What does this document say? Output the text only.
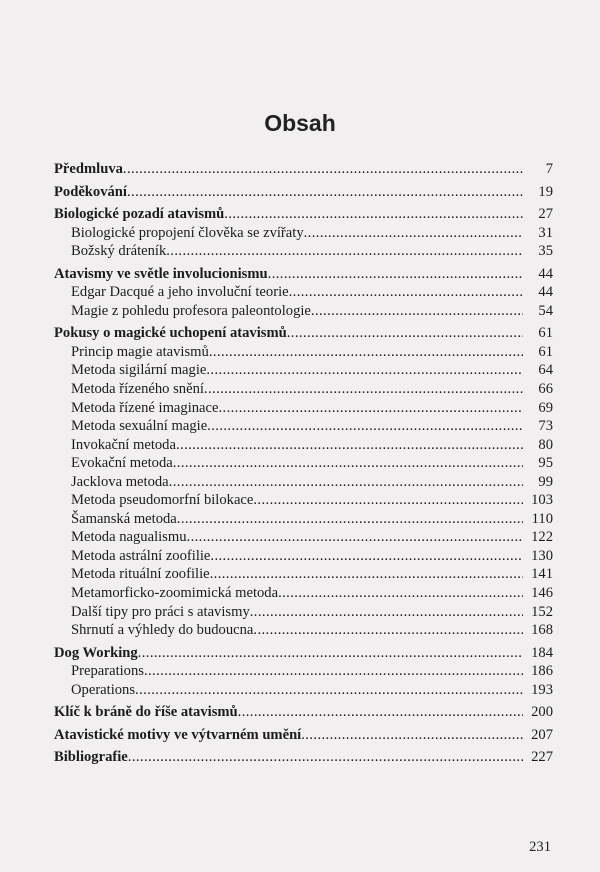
Obsah
Předmluva .....	7
Poděkování .....	19
Biologické pozadí atavismů .....	27
Biologické propojení člověka se zvířaty .....	31
Božský dráteník .....	35
Atavismy ve světle involucionismu .....	44
Edgar Dacqué a jeho involuční teorie .....	44
Magie z pohledu profesora paleontologie .....	54
Pokusy o magické uchopení atavismů .....	61
Princip magie atavismů .....	61
Metoda sigilární magie .....	64
Metoda řízeného snění .....	66
Metoda řízené imaginace .....	69
Metoda sexuální magie .....	73
Invokační metoda .....	80
Evokační metoda .....	95
Jacklova metoda .....	99
Metoda pseudomorfní bilokace .....	103
Šamanská metoda .....	110
Metoda nagualismu .....	122
Metoda astrální zoofilie .....	130
Metoda rituální zoofilie .....	141
Metamorficko-zoomimická metoda .....	146
Další tipy pro práci s atavismy .....	152
Shrnutí a výhledy do budoucna .....	168
Dog Working .....	184
Preparations .....	186
Operations .....	193
Klíč k bráně do říše atavismů .....	200
Atavistické motivy ve výtvarném umění .....	207
Bibliografie .....	227
231
